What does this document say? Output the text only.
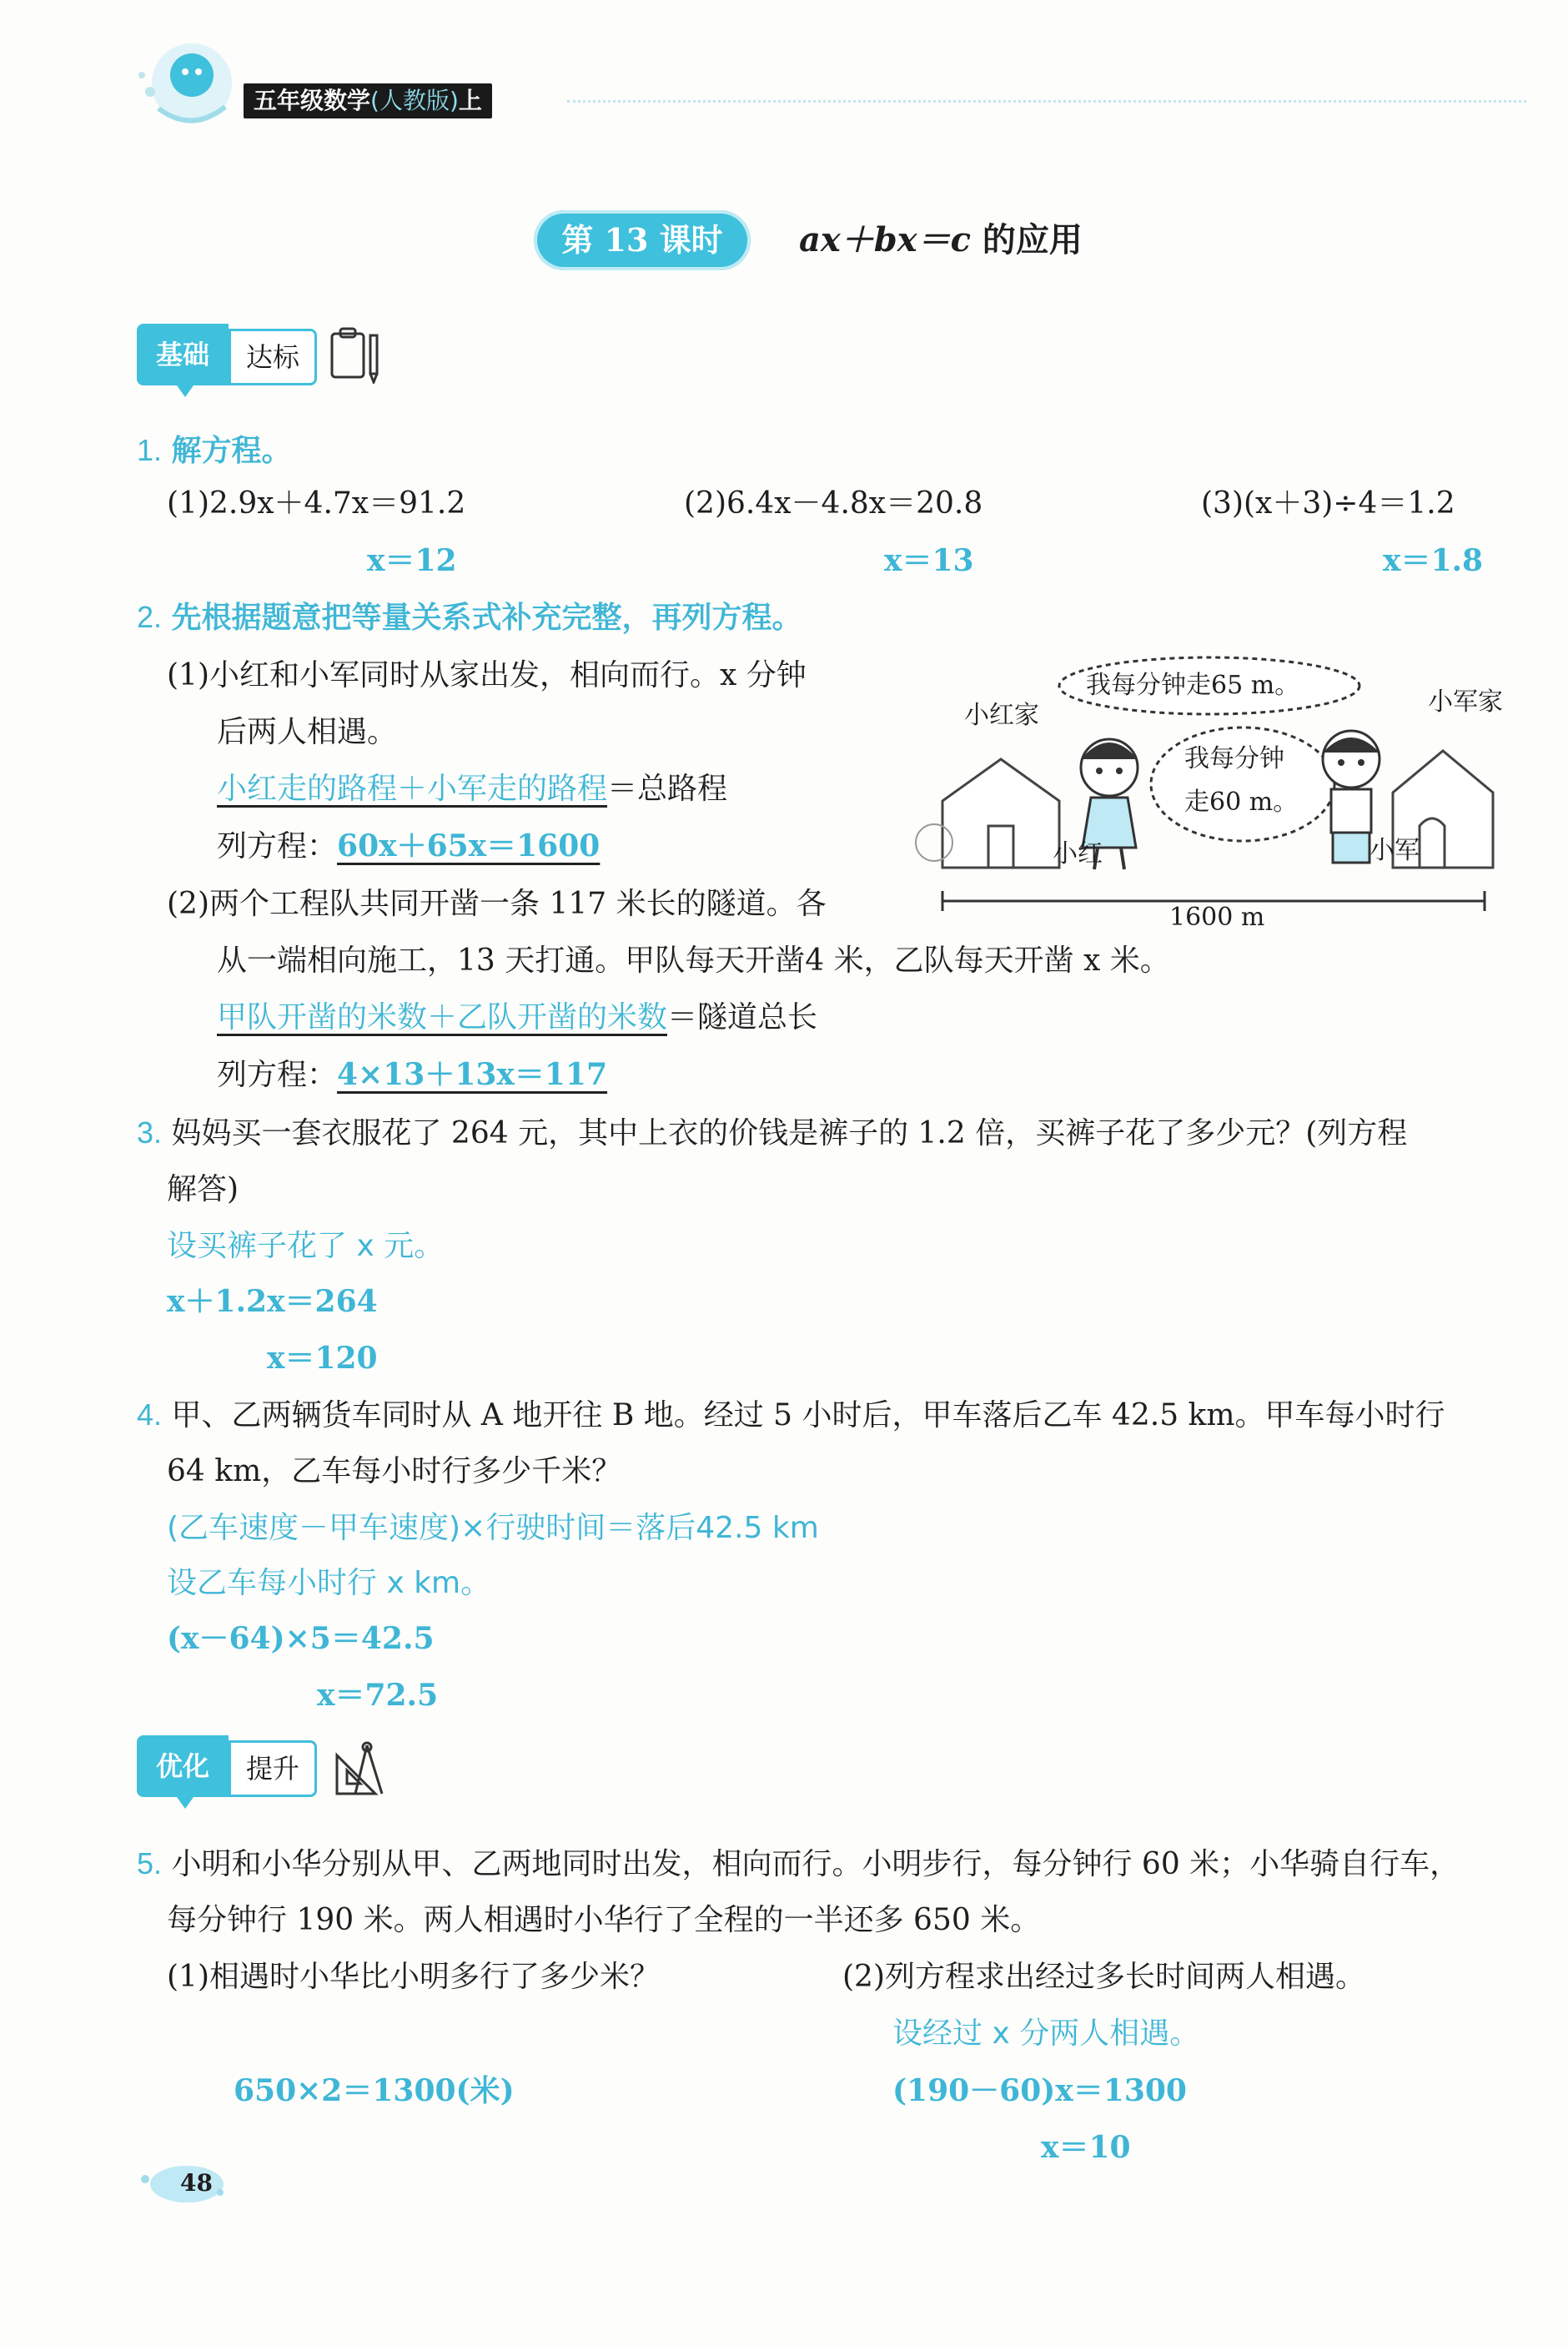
五年级数学(人教版)上
第 13 课时	ax＋bx＝c 的应用
基础	达标
1. 解方程。
(1)2.9x＋4.7x＝91.2
x＝12
(2)6.4x－4.8x＝20.8
x＝13
(3)(x＋3)÷4＝1.2
x＝1.8
2. 先根据题意把等量关系式补充完整，再列方程。
(1)小红和小军同时从家出发，相向而行。x 分钟
后两人相遇。
小红走的路程＋小军走的路程＝总路程
列方程：60x＋65x＝1600
(2)两个工程队共同开凿一条 117 米长的隧道。各
从一端相向施工，13 天打通。甲队每天开凿4 米，乙队每天开凿 x 米。
甲队开凿的米数＋乙队开凿的米数＝隧道总长
列方程：4×13＋13x＝117
我每分钟走65 m。
我每分钟
走60 m。
小红家	小军家
小红	小军
1600 m
3. 妈妈买一套衣服花了 264 元，其中上衣的价钱是裤子的 1.2 倍，买裤子花了多少元？(列方程
解答)
设买裤子花了 x 元。
x＋1.2x＝264
x＝120
4. 甲、乙两辆货车同时从 A 地开往 B 地。经过 5 小时后，甲车落后乙车 42.5 km。甲车每小时行
64 km，乙车每小时行多少千米？
(乙车速度－甲车速度)×行驶时间＝落后42.5 km
设乙车每小时行 x km。
(x－64)×5＝42.5
x＝72.5
优化	提升
5. 小明和小华分别从甲、乙两地同时出发，相向而行。小明步行，每分钟行 60 米；小华骑自行车，
每分钟行 190 米。两人相遇时小华行了全程的一半还多 650 米。
(1)相遇时小华比小明多行了多少米？
650×2＝1300(米)
(2)列方程求出经过多长时间两人相遇。
设经过 x 分两人相遇。
(190－60)x＝1300
x＝10
48
